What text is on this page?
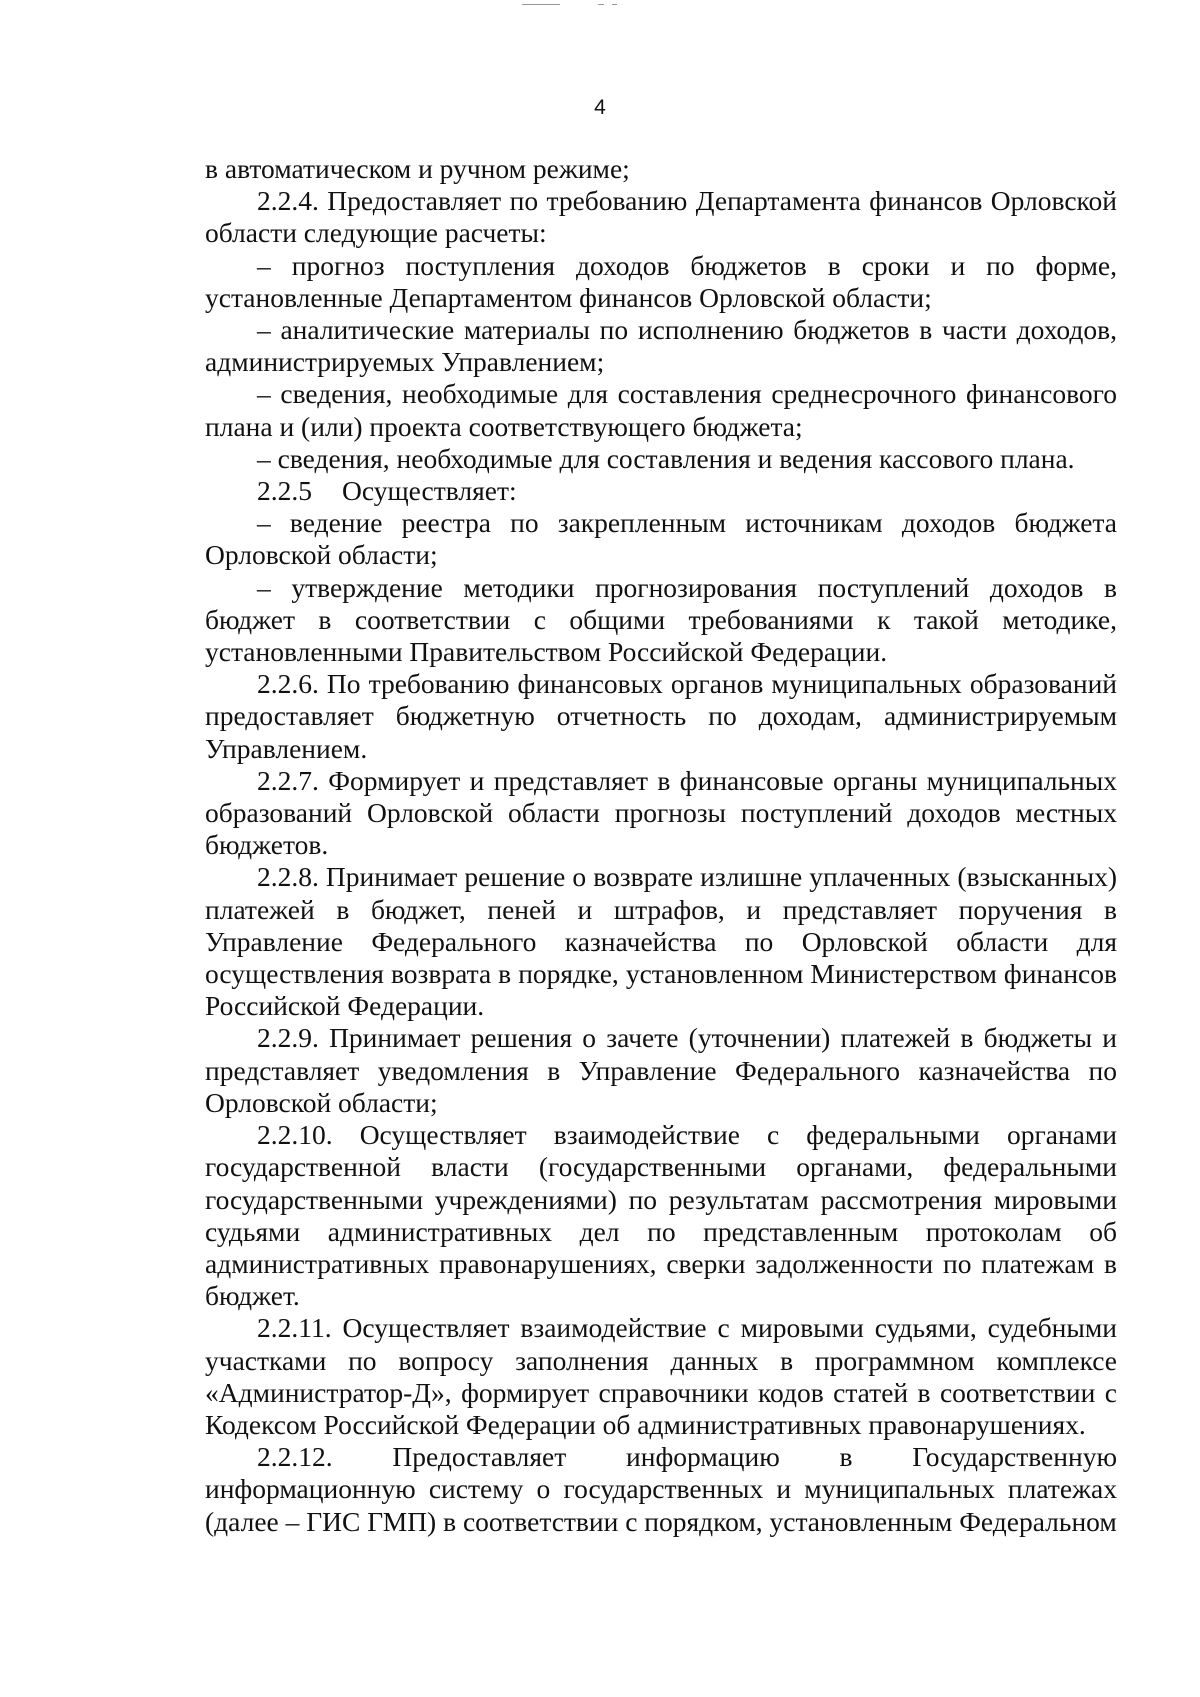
4

в автоматическом и ручном режиме;

2.2.4. Предоставляет по требованию Департамента финансов Орловской области следующие расчеты:

– прогноз поступления доходов бюджетов в сроки и по форме, установленные Департаментом финансов Орловской области;

– аналитические материалы по исполнению бюджетов в части доходов, администрируемых Управлением;

– сведения, необходимые для составления среднесрочного финансового плана и (или) проекта соответствующего бюджета;

– сведения, необходимые для составления и ведения кассового плана.

2.2.5 Осуществляет:

– ведение реестра по закрепленным источникам доходов бюджета Орловской области;

– утверждение методики прогнозирования поступлений доходов в бюджет в соответствии с общими требованиями к такой методике, установленными Правительством Российской Федерации.

2.2.6. По требованию финансовых органов муниципальных образований предоставляет бюджетную отчетность по доходам, администрируемым Управлением.

2.2.7. Формирует и представляет в финансовые органы муниципальных образований Орловской области прогнозы поступлений доходов местных бюджетов.

2.2.8. Принимает решение о возврате излишне уплаченных (взысканных) платежей в бюджет, пеней и штрафов, и представляет поручения в Управление Федерального казначейства по Орловской области для осуществления возврата в порядке, установленном Министерством финансов Российской Федерации.

2.2.9. Принимает решения о зачете (уточнении) платежей в бюджеты и представляет уведомления в Управление Федерального казначейства по Орловской области;

2.2.10. Осуществляет взаимодействие с федеральными органами государственной власти (государственными органами, федеральными государственными учреждениями) по результатам рассмотрения мировыми судьями административных дел по представленным протоколам об административных правонарушениях, сверки задолженности по платежам в бюджет.

2.2.11. Осуществляет взаимодействие с мировыми судьями, судебными участками по вопросу заполнения данных в программном комплексе «Администратор-Д», формирует справочники кодов статей в соответствии с Кодексом Российской Федерации об административных правонарушениях.

2.2.12. Предоставляет информацию в Государственную информационную систему о государственных и муниципальных платежах (далее – ГИС ГМП) в соответствии с порядком, установленным Федеральном
